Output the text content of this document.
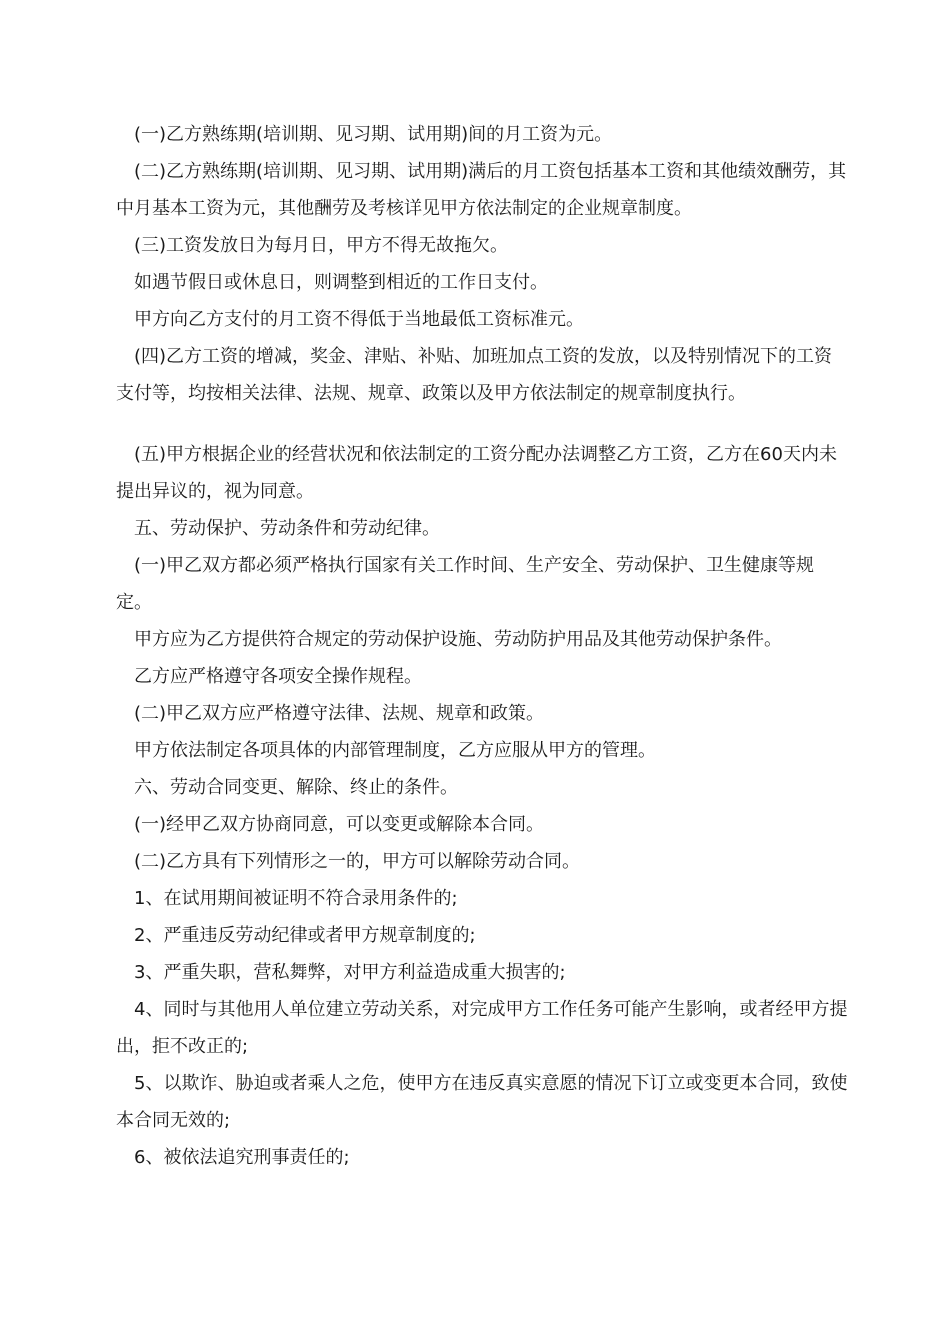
(一)乙方熟练期(培训期、见习期、试用期)间的月工资为元。

(二)乙方熟练期(培训期、见习期、试用期)满后的月工资包括基本工资和其他绩效酬劳，其中月基本工资为元，其他酬劳及考核详见甲方依法制定的企业规章制度。

(三)工资发放日为每月日，甲方不得无故拖欠。

如遇节假日或休息日，则调整到相近的工作日支付。

甲方向乙方支付的月工资不得低于当地最低工资标准元。

(四)乙方工资的增减，奖金、津贴、补贴、加班加点工资的发放，以及特别情况下的工资支付等，均按相关法律、法规、规章、政策以及甲方依法制定的规章制度执行。

(五)甲方根据企业的经营状况和依法制定的工资分配办法调整乙方工资，乙方在60天内未提出异议的，视为同意。

五、劳动保护、劳动条件和劳动纪律。

(一)甲乙双方都必须严格执行国家有关工作时间、生产安全、劳动保护、卫生健康等规定。

甲方应为乙方提供符合规定的劳动保护设施、劳动防护用品及其他劳动保护条件。

乙方应严格遵守各项安全操作规程。

(二)甲乙双方应严格遵守法律、法规、规章和政策。

甲方依法制定各项具体的内部管理制度，乙方应服从甲方的管理。

六、劳动合同变更、解除、终止的条件。

(一)经甲乙双方协商同意，可以变更或解除本合同。

(二)乙方具有下列情形之一的，甲方可以解除劳动合同。

1、在试用期间被证明不符合录用条件的;

2、严重违反劳动纪律或者甲方规章制度的;

3、严重失职，营私舞弊，对甲方利益造成重大损害的;

4、同时与其他用人单位建立劳动关系，对完成甲方工作任务可能产生影响，或者经甲方提出，拒不改正的;

5、以欺诈、胁迫或者乘人之危，使甲方在违反真实意愿的情况下订立或变更本合同，致使本合同无效的;

6、被依法追究刑事责任的;
